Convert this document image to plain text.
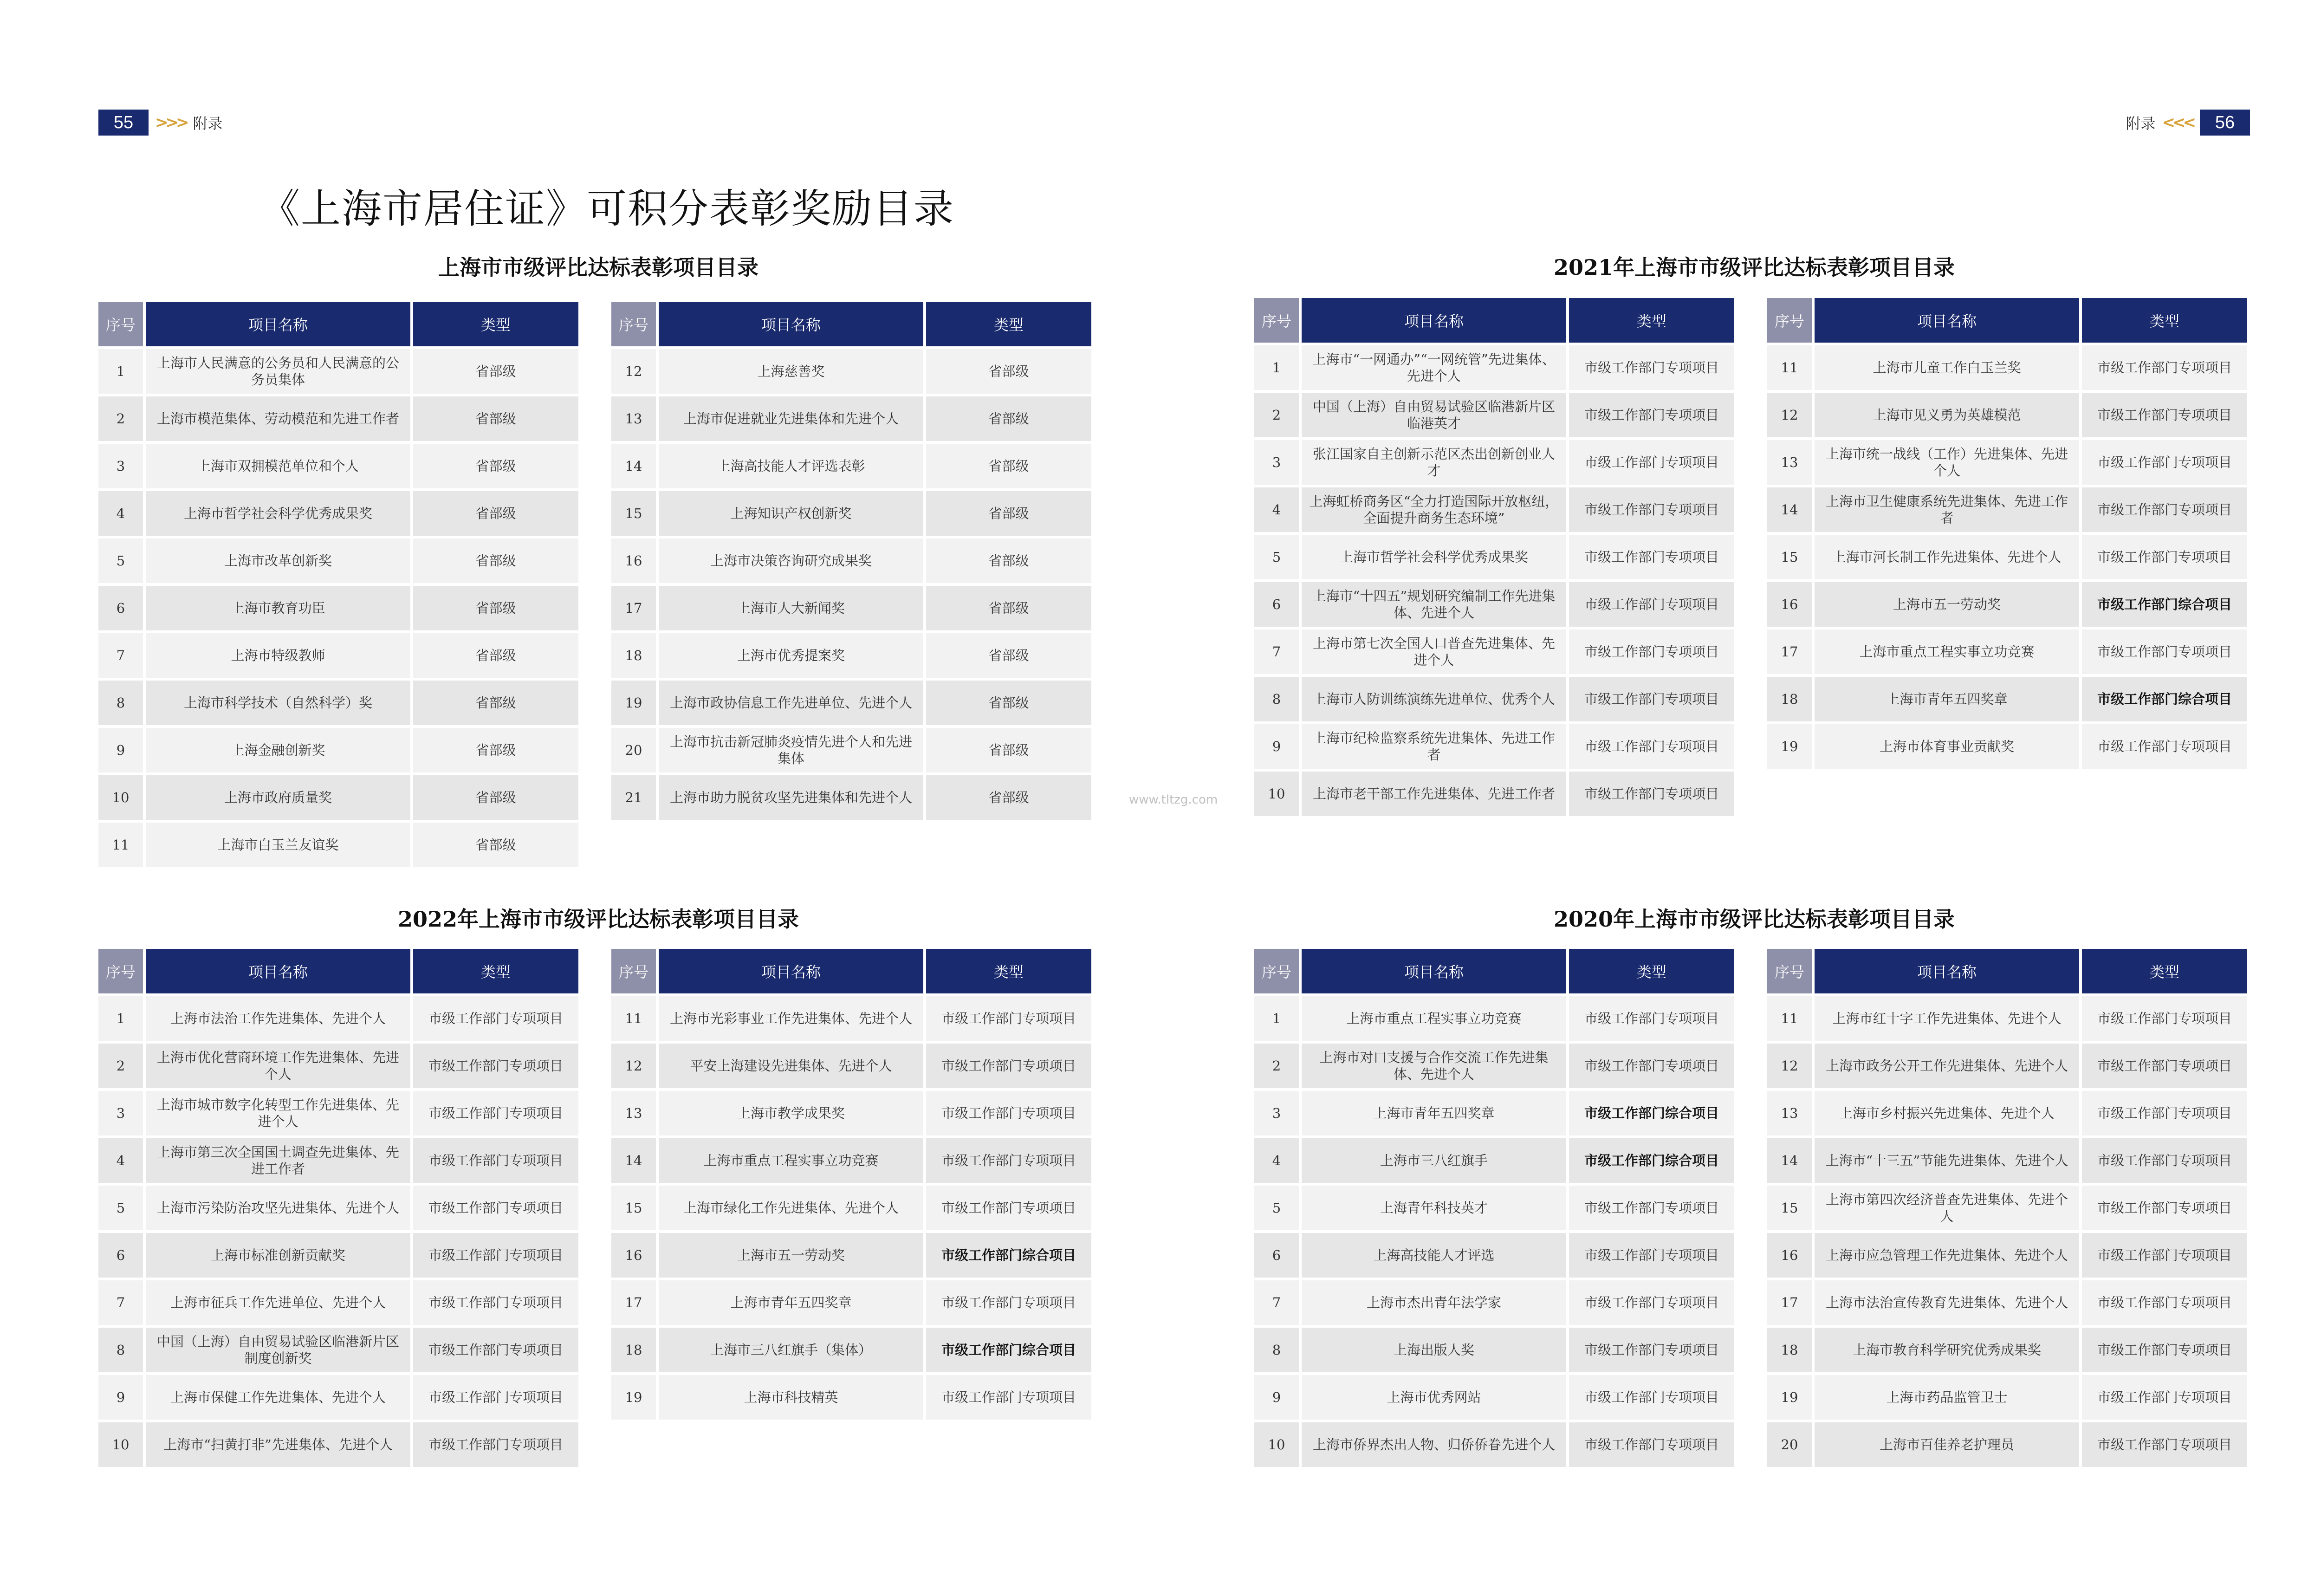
55	>>> 附录	附录 <<<	56
《上海市居住证》可积分表彰奖励目录
上海市市级评比达标表彰项目目录	2021年上海市市级评比达标表彰项目目录
2022年上海市市级评比达标表彰项目目录	2020年上海市市级评比达标表彰项目目录
序号	项目名称	类型
1	上海市人民满意的公务员和人民满意的公务员集体	省部级
2	上海市模范集体、劳动模范和先进工作者	省部级
3	上海市双拥模范单位和个人	省部级
4	上海市哲学社会科学优秀成果奖	省部级
5	上海市改革创新奖	省部级
6	上海市教育功臣	省部级
7	上海市特级教师	省部级
8	上海市科学技术（自然科学）奖	省部级
9	上海金融创新奖	省部级
10	上海市政府质量奖	省部级
11	上海市白玉兰友谊奖	省部级
序号	项目名称	类型
12	上海慈善奖	省部级
13	上海市促进就业先进集体和先进个人	省部级
14	上海高技能人才评选表彰	省部级
15	上海知识产权创新奖	省部级
16	上海市决策咨询研究成果奖	省部级
17	上海市人大新闻奖	省部级
18	上海市优秀提案奖	省部级
19	上海市政协信息工作先进单位、先进个人	省部级
20	上海市抗击新冠肺炎疫情先进个人和先进集体	省部级
21	上海市助力脱贫攻坚先进集体和先进个人	省部级
序号	项目名称	类型
1	上海市“一网通办”“一网统管”先进集体、先进个人	市级工作部门专项项目
2	中国（上海）自由贸易试验区临港新片区临港英才	市级工作部门专项项目
3	张江国家自主创新示范区杰出创新创业人才	市级工作部门专项项目
4	上海虹桥商务区“全力打造国际开放枢纽，全面提升商务生态环境”	市级工作部门专项项目
5	上海市哲学社会科学优秀成果奖	市级工作部门专项项目
6	上海市“十四五”规划研究编制工作先进集体、先进个人	市级工作部门专项项目
7	上海市第七次全国人口普查先进集体、先进个人	市级工作部门专项项目
8	上海市人防训练演练先进单位、优秀个人	市级工作部门专项项目
9	上海市纪检监察系统先进集体、先进工作者	市级工作部门专项项目
10	上海市老干部工作先进集体、先进工作者	市级工作部门专项项目
序号	项目名称	类型
11	上海市儿童工作白玉兰奖	市级工作部门专项项目
12	上海市见义勇为英雄模范	市级工作部门专项项目
13	上海市统一战线（工作）先进集体、先进个人	市级工作部门专项项目
14	上海市卫生健康系统先进集体、先进工作者	市级工作部门专项项目
15	上海市河长制工作先进集体、先进个人	市级工作部门专项项目
16	上海市五一劳动奖	市级工作部门综合项目
17	上海市重点工程实事立功竞赛	市级工作部门专项项目
18	上海市青年五四奖章	市级工作部门综合项目
19	上海市体育事业贡献奖	市级工作部门专项项目
序号	项目名称	类型
1	上海市法治工作先进集体、先进个人	市级工作部门专项项目
2	上海市优化营商环境工作先进集体、先进个人	市级工作部门专项项目
3	上海市城市数字化转型工作先进集体、先进个人	市级工作部门专项项目
4	上海市第三次全国国土调查先进集体、先进工作者	市级工作部门专项项目
5	上海市污染防治攻坚先进集体、先进个人	市级工作部门专项项目
6	上海市标准创新贡献奖	市级工作部门专项项目
7	上海市征兵工作先进单位、先进个人	市级工作部门专项项目
8	中国（上海）自由贸易试验区临港新片区制度创新奖	市级工作部门专项项目
9	上海市保健工作先进集体、先进个人	市级工作部门专项项目
10	上海市“扫黄打非”先进集体、先进个人	市级工作部门专项项目
序号	项目名称	类型
11	上海市光彩事业工作先进集体、先进个人	市级工作部门专项项目
12	平安上海建设先进集体、先进个人	市级工作部门专项项目
13	上海市教学成果奖	市级工作部门专项项目
14	上海市重点工程实事立功竞赛	市级工作部门专项项目
15	上海市绿化工作先进集体、先进个人	市级工作部门专项项目
16	上海市五一劳动奖	市级工作部门综合项目
17	上海市青年五四奖章	市级工作部门专项项目
18	上海市三八红旗手（集体）	市级工作部门综合项目
19	上海市科技精英	市级工作部门专项项目
序号	项目名称	类型
1	上海市重点工程实事立功竞赛	市级工作部门专项项目
2	上海市对口支援与合作交流工作先进集体、先进个人	市级工作部门专项项目
3	上海市青年五四奖章	市级工作部门综合项目
4	上海市三八红旗手	市级工作部门综合项目
5	上海青年科技英才	市级工作部门专项项目
6	上海高技能人才评选	市级工作部门专项项目
7	上海市杰出青年法学家	市级工作部门专项项目
8	上海出版人奖	市级工作部门专项项目
9	上海市优秀网站	市级工作部门专项项目
10	上海市侨界杰出人物、归侨侨眷先进个人	市级工作部门专项项目
序号	项目名称	类型
11	上海市红十字工作先进集体、先进个人	市级工作部门专项项目
12	上海市政务公开工作先进集体、先进个人	市级工作部门专项项目
13	上海市乡村振兴先进集体、先进个人	市级工作部门专项项目
14	上海市“十三五”节能先进集体、先进个人	市级工作部门专项项目
15	上海市第四次经济普查先进集体、先进个人	市级工作部门专项项目
16	上海市应急管理工作先进集体、先进个人	市级工作部门专项项目
17	上海市法治宣传教育先进集体、先进个人	市级工作部门专项项目
18	上海市教育科学研究优秀成果奖	市级工作部门专项项目
19	上海市药品监管卫士	市级工作部门专项项目
20	上海市百佳养老护理员	市级工作部门专项项目
www.tltzg.com
